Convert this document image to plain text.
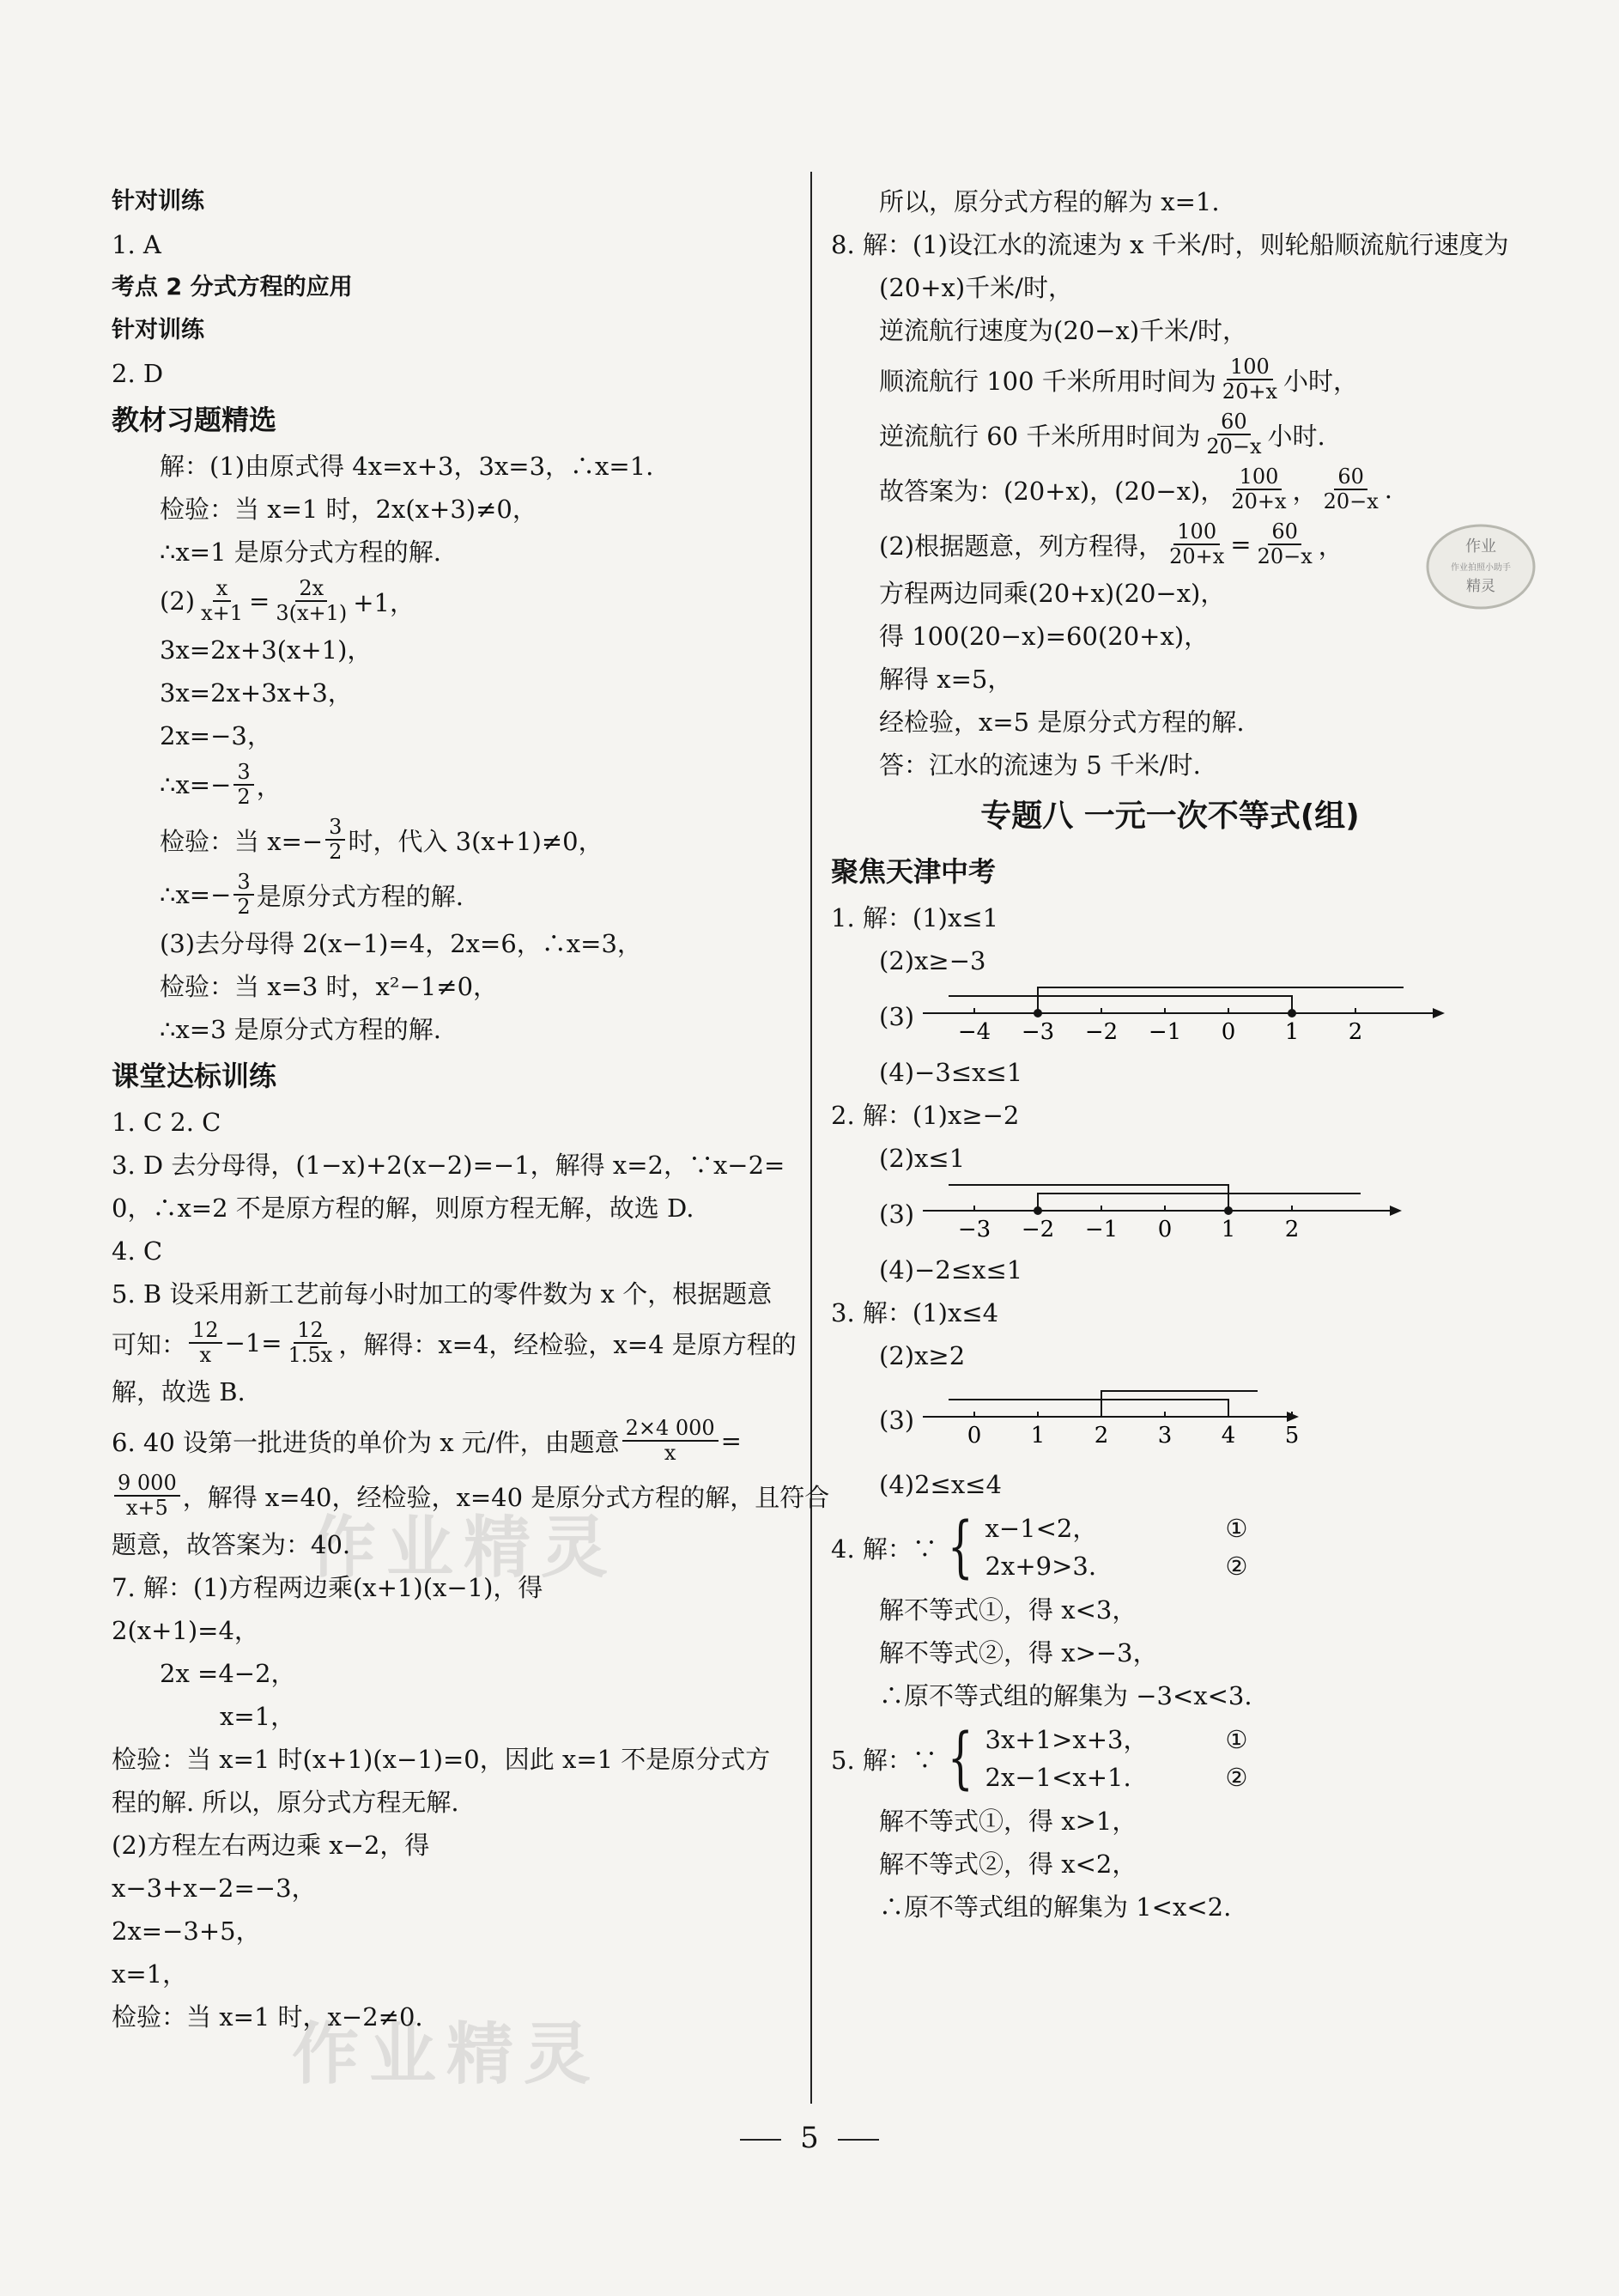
作业精灵
作业精灵
作业
作业拍照小助手
精灵
针对训练
1. A
考点 2 分式方程的应用
针对训练
2. D
教材习题精选
解：(1)由原式得 4x=x+3，3x=3，∴x=1.
检验：当 x=1 时，2x(x+3)≠0，
∴x=1 是原分式方程的解.
$(2) \frac{x}{x+1} = \frac{2x}{3(x+1)} +1$，
3x=2x+3(x+1)，
3x=2x+3x+3，
2x=−3，
∴x=− $\frac{3}{2}$ ，
检验：当 $x=- \frac{3}{2}$ 时，代入 3(x+1)≠0，
∴x=− $\frac{3}{2}$ 是原分式方程的解.
(3)去分母得 2(x−1)=4，2x=6，∴x=3，
检验：当 x=3 时，x²−1≠0，
∴x=3 是原分式方程的解.
课堂达标训练
1. C 2. C
3. D 去分母得，(1−x)+2(x−2)=−1，解得 x=2，∵x−2=
0，∴x=2 不是原方程的解，则原方程无解，故选 D.
4. C
5. B 设采用新工艺前每小时加工的零件数为 x 个，根据题意
可知： $\frac{12}{x} -1= \frac{12}{1.5x}$ ，解得：x=4，经检验，x=4 是原方程的
解，故选 B.
6. 40 设第一批进货的单价为 x 元/件，由题意 $\frac{2\times 4 000}{x}$ =
$\frac{9 000}{x+5}$ ，解得 x=40，经检验，x=40 是原分式方程的解，且符合
题意，故答案为：40.
7. 解：(1)方程两边乘(x+1)(x−1)，得
2(x+1)=4，
2x =4−2，
x=1，
检验：当 x=1 时(x+1)(x−1)=0，因此 x=1 不是原分式方
程的解. 所以，原分式方程无解.
(2)方程左右两边乘 x−2，得
x−3+x−2=−3，
2x=−3+5，
x=1，
检验：当 x=1 时，x−2≠0.
所以，原分式方程的解为 x=1.
8. 解：(1)设江水的流速为 x 千米/时，则轮船顺流航行速度为
(20+x)千米/时，
逆流航行速度为(20−x)千米/时，
顺流航行 100 千米所用时间为 $\frac{100}{20+x}$ 小时，
逆流航行 60 千米所用时间为 $\frac{60}{20-x}$ 小时.
故答案为：(20+x)，(20−x)， $\frac{100}{20+x}$ ， $\frac{60}{20-x}$ .
(2)根据题意，列方程得， $\frac{100}{20+x} = \frac{60}{20-x}$ ，
方程两边同乘(20+x)(20−x)，
得 100(20−x)=60(20+x)，
解得 x=5，
经检验，x=5 是原分式方程的解.
答：江水的流速为 5 千米/时.
专题八 一元一次不等式(组)
聚焦天津中考
1. 解：(1)x≤1
(2)x≥−3
(3)
−4 −3 −2 −1 0 1 2
(4)−3≤x≤1
2. 解：(1)x≥−2
(2)x≤1
(3)
−3 −2 −1 0 1 2
(4)−2≤x≤1
3. 解：(1)x≤4
(2)x≥2
(3)
0 1 2 3 4 5
(4)2≤x≤4
4. 解：∵ { x−1<2，	①
2x+9>3.	②
解不等式①，得 x<3，
解不等式②，得 x>−3，
∴原不等式组的解集为 −3<x<3.
5. 解：∵ { 3x+1>x+3，	①
2x−1<x+1.	②
解不等式①，得 x>1，
解不等式②，得 x<2，
∴原不等式组的解集为 1<x<2.
5
